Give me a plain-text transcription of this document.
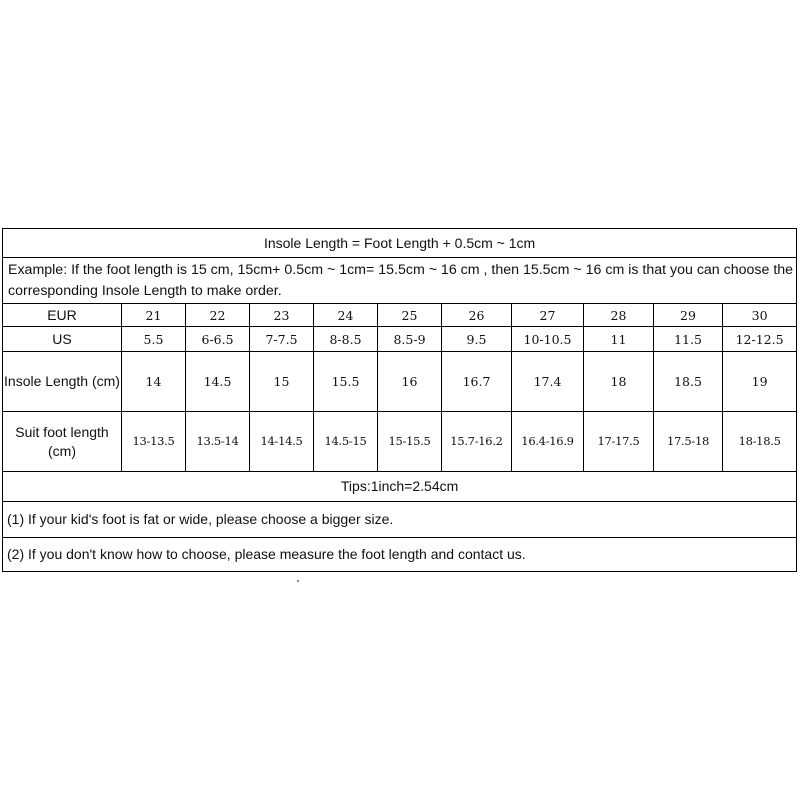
Insole Length = Foot Length + 0.5cm ~ 1cm										
Example: If the foot length is 15 cm, 15cm+ 0.5cm ~ 1cm= 15.5cm ~ 16 cm , then 15.5cm ~ 16 cm is that you can choose the corresponding Insole Length to make order.										
EUR	21	22	23	24	25	26	27	28	29	30
US	5.5	6-6.5	7-7.5	8-8.5	8.5-9	9.5	10-10.5	11	11.5	12-12.5
Insole Length (cm)	14	14.5	15	15.5	16	16.7	17.4	18	18.5	19
Suit foot length (cm)	13-13.5	13.5-14	14-14.5	14.5-15	15-15.5	15.7-16.2	16.4-16.9	17-17.5	17.5-18	18-18.5
Tips:1inch=2.54cm										
(1) If your kid's foot is fat or wide, please choose a bigger size.										
(2) If you don't know how to choose, please measure the foot length and contact us.										
